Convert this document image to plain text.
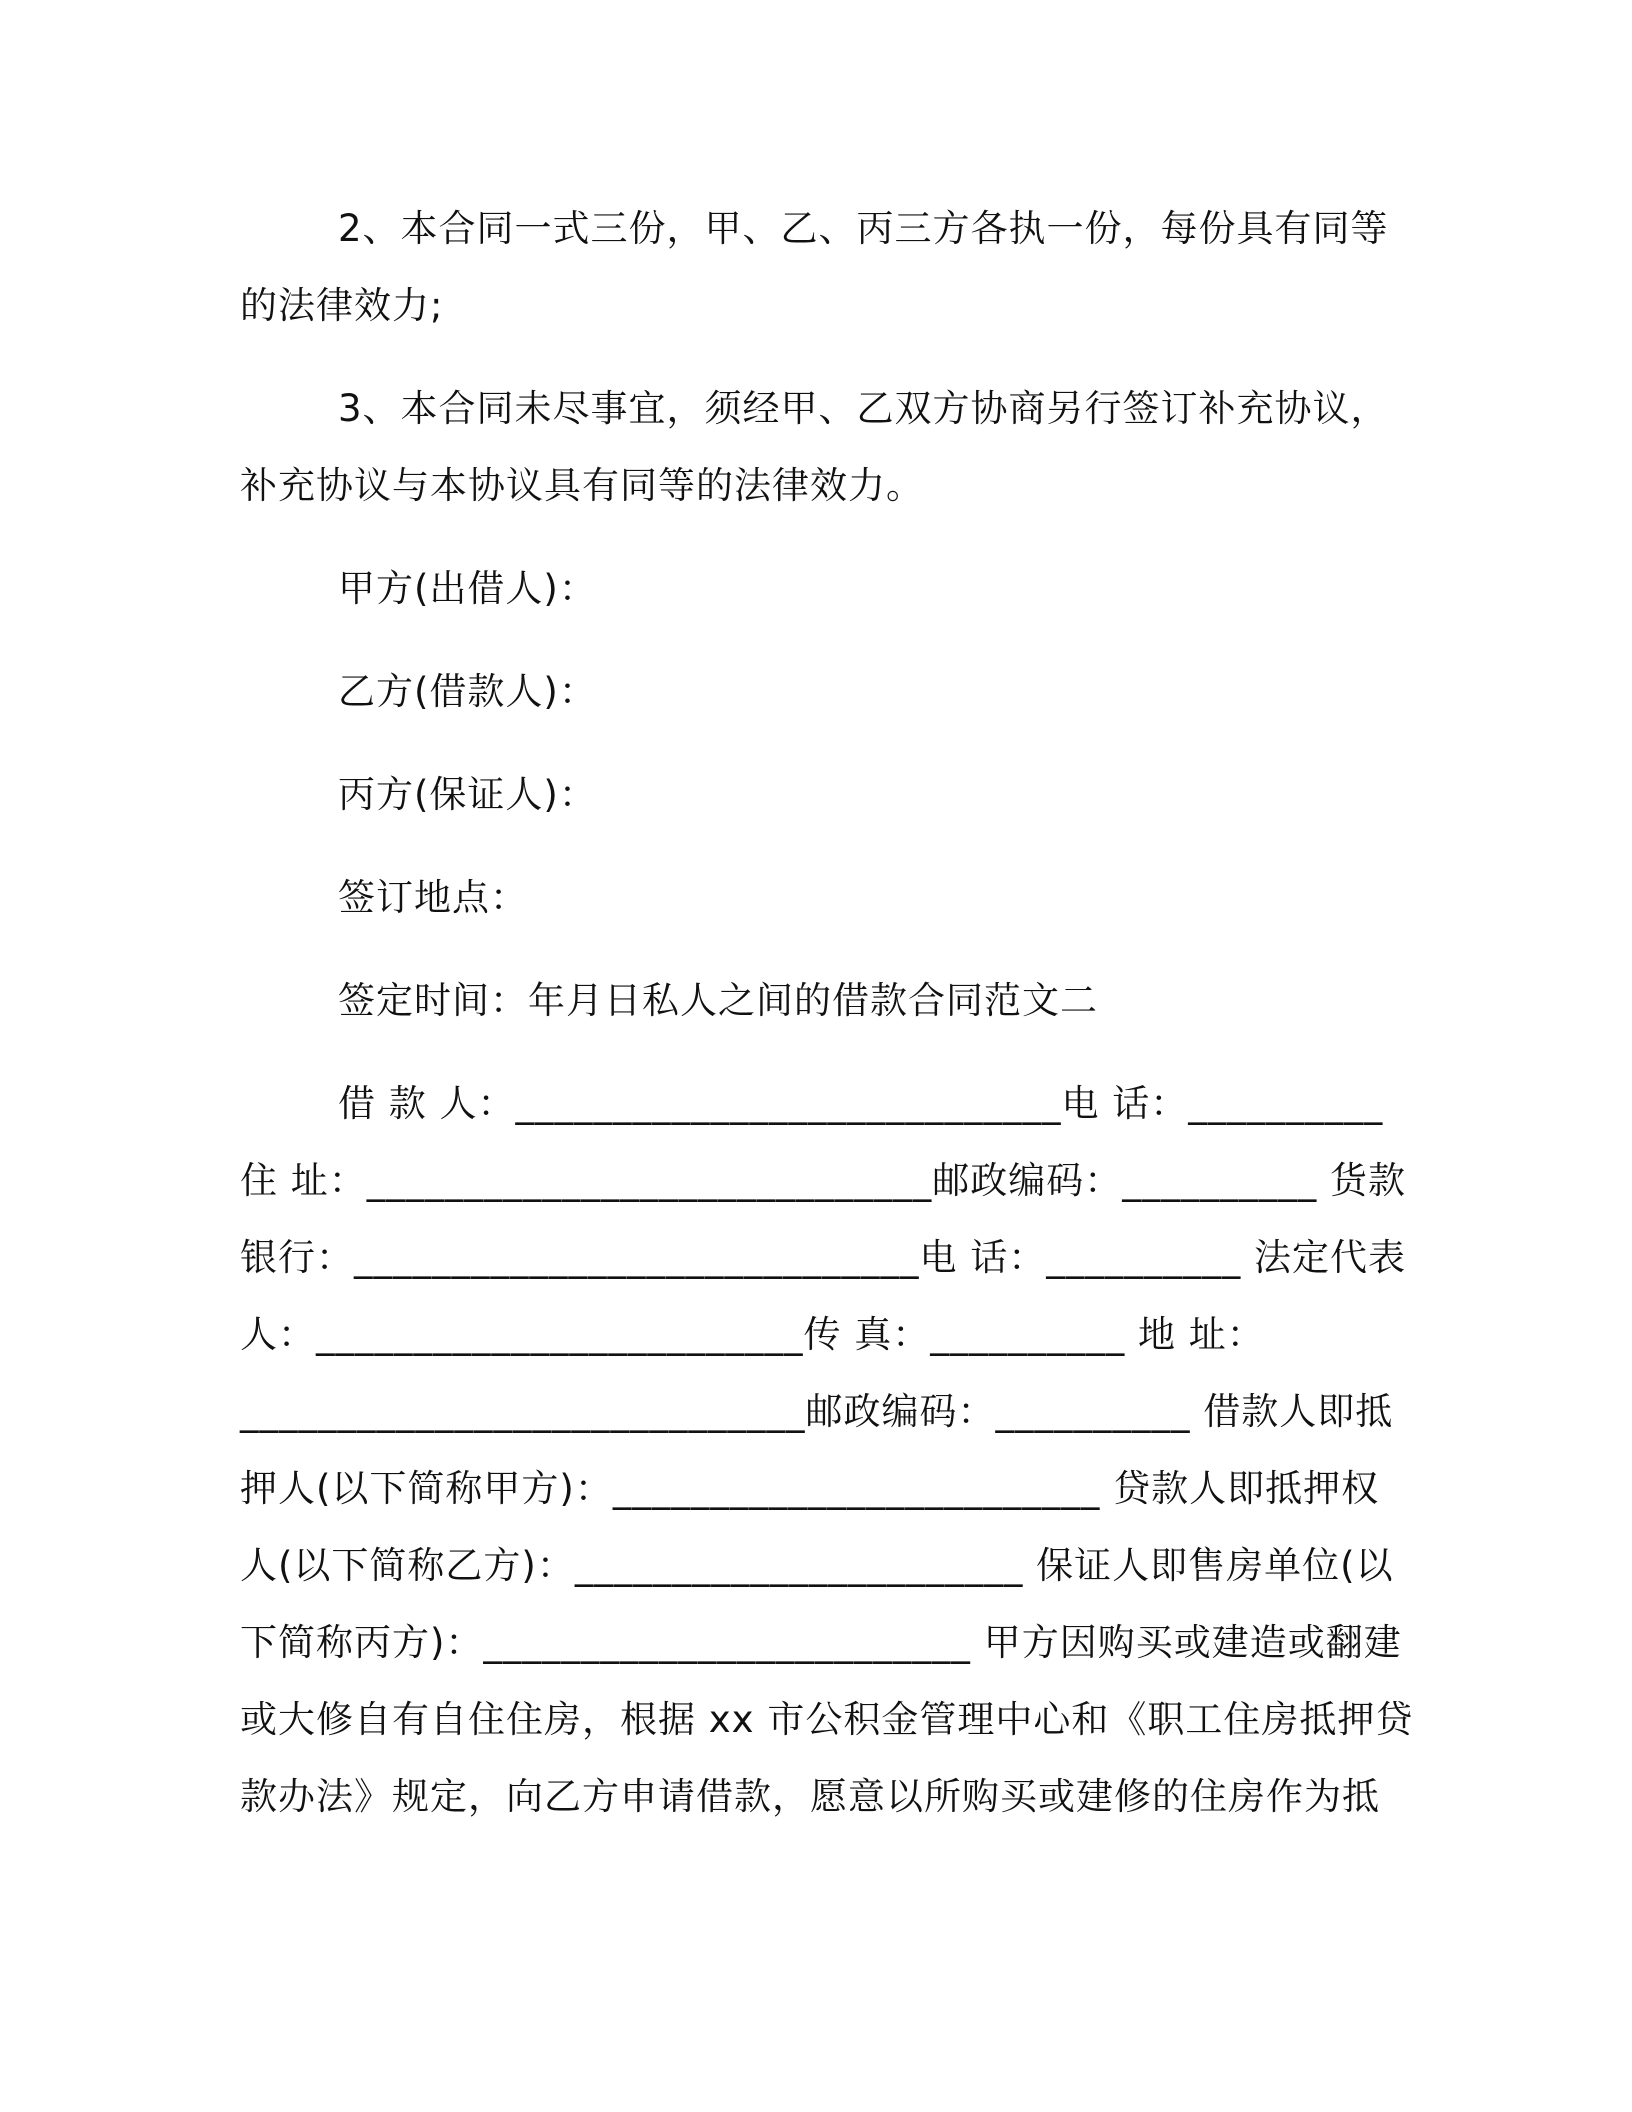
2、本合同一式三份，甲、乙、丙三方各执一份，每份具有同等
的法律效力;
3、本合同未尽事宜，须经甲、乙双方协商另行签订补充协议，
补充协议与本协议具有同等的法律效力。
甲方(出借人)：
乙方(借款人)：
丙方(保证人)：
签订地点：
签定时间：年月日私人之间的借款合同范文二
借 款 人：____________________________电 话：__________
住 址：_____________________________邮政编码：__________ 货款
银行：_____________________________电 话：__________ 法定代表
人：_________________________传 真：__________ 地 址：
_____________________________邮政编码：__________ 借款人即抵
押人(以下简称甲方)：_________________________ 贷款人即抵押权
人(以下简称乙方)：_______________________ 保证人即售房单位(以
下简称丙方)：_________________________ 甲方因购买或建造或翻建
或大修自有自住住房，根据 xx 市公积金管理中心和《职工住房抵押贷
款办法》规定，向乙方申请借款，愿意以所购买或建修的住房作为抵
